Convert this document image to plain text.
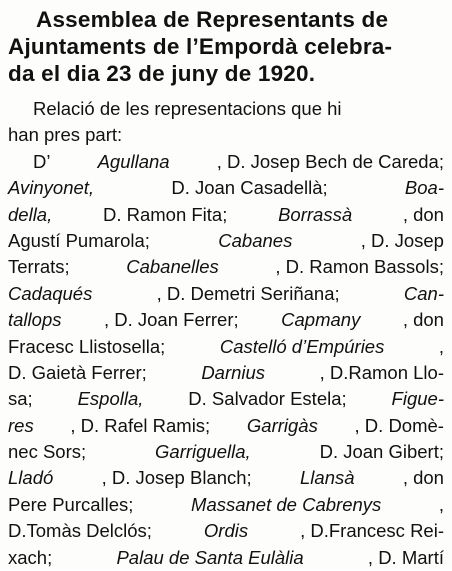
Assemblea de Representants de
Ajuntaments de l’Empordà celebra-
da el dia 23 de juny de 1920.
Relació de les representacions que hi
han pres part:
D’	Agullana	, D. Josep Bech de Careda;
Avinyonet,	D. Joan Casadellà;	Boa-
della,	D. Ramon Fita;	Borrassà	, don
Agustí Pumarola;	Cabanes	, D. Josep
Terrats;	Cabanelles	, D. Ramon Bassols;
Cadaqués	, D. Demetri Seriñana;	Can-
tallops , D. Joan Ferrer; Capmany , don
Fracesc Llistosella;	Castelló d’Empúries	,
D. Gaietà Ferrer;	Darnius	, D.Ramon Llo-
sa; Espolla, D. Salvador Estela; Figue-
res , D. Rafel Ramis; Garrigàs , D. Domè-
nec Sors;	Garriguella,	D. Joan Gibert;
Lladó	, D. Josep Blanch;	Llansà	, don
Pere Purcalles;	Massanet de Cabrenys	,
D.Tomàs Delclós;	Ordis	, D.Francesc Rei-
xach;	Palau de Santa Eulàlia	, D. Martí
